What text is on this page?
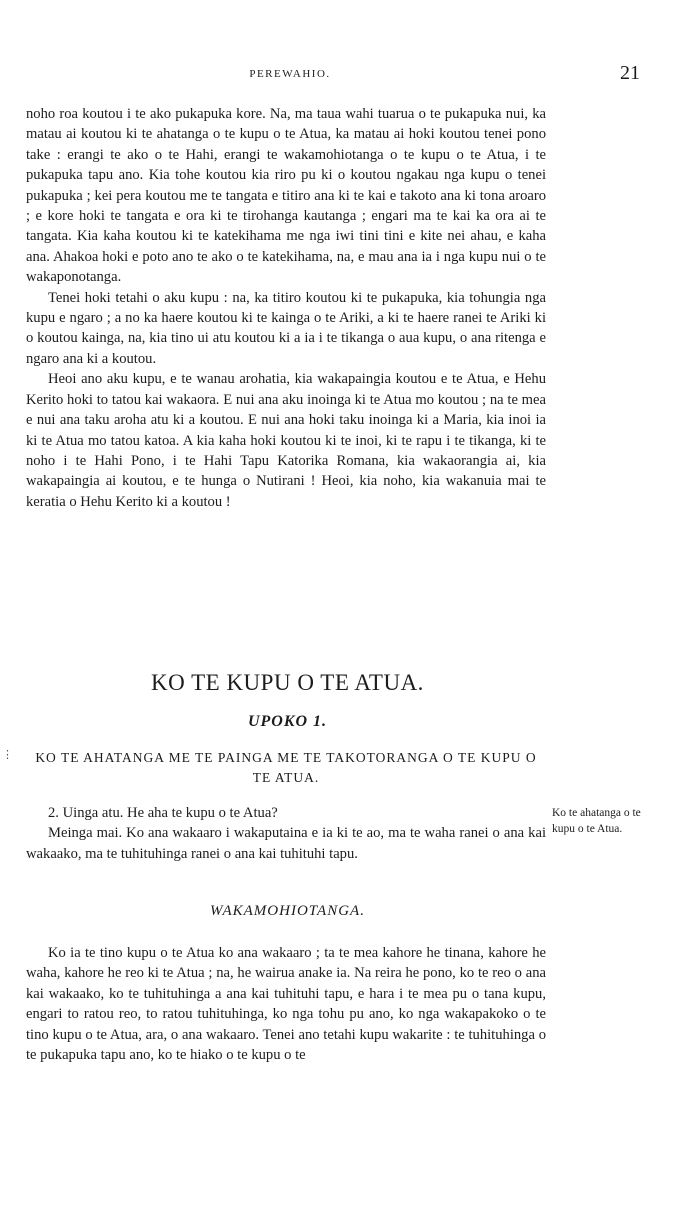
PEREWAHIO.	21
⋮

noho roa koutou i te ako pukapuka kore. Na, ma taua wahi tuarua o te pukapuka nui, ka matau ai koutou ki te ahatanga o te kupu o te Atua, ka matau ai hoki koutou tenei pono take : erangi te ako o te Hahi, erangi te wakamohiotanga o te kupu o te Atua, i te pukapuka tapu ano. Kia tohe koutou kia riro pu ki o koutou ngakau nga kupu o tenei pukapuka ; kei pera koutou me te tangata e titiro ana ki te kai e takoto ana ki tona aroaro ; e kore hoki te tangata e ora ki te tirohanga kautanga ; engari ma te kai ka ora ai te tangata. Kia kaha koutou ki te katekihama me nga iwi tini tini e kite nei ahau, e kaha ana. Ahakoa hoki e poto ano te ako o te katekihama, na, e mau ana ia i nga kupu nui o te wakaponotanga.

Tenei hoki tetahi o aku kupu : na, ka titiro koutou ki te pukapuka, kia tohungia nga kupu e ngaro ; a no ka haere koutou ki te kainga o te Ariki, a ki te haere ranei te Ariki ki o koutou kainga, na, kia tino ui atu koutou ki a ia i te tikanga o aua kupu, o ana ritenga e ngaro ana ki a koutou.

Heoi ano aku kupu, e te wanau arohatia, kia wakapaingia koutou e te Atua, e Hehu Kerito hoki to tatou kai wakaora. E nui ana aku inoinga ki te Atua mo koutou ; na te mea e nui ana taku aroha atu ki a koutou. E nui ana hoki taku inoinga ki a Maria, kia inoi ia ki te Atua mo tatou katoa. A kia kaha hoki koutou ki te inoi, ki te rapu i te tikanga, ki te noho i te Hahi Pono, i te Hahi Tapu Katorika Romana, kia wakaorangia ai, kia wakapaingia ai koutou, e te hunga o Nutirani ! Heoi, kia noho, kia wakanuia mai te keratia o Hehu Kerito ki a koutou !

KO TE KUPU O TE ATUA.
UPOKO 1.
KO TE AHATANGA ME TE PAINGA ME TE TAKOTORANGA O TE KUPU O TE ATUA.

2. Uinga atu. He aha te kupu o te Atua?

Meinga mai. Ko ana wakaaro i wakaputaina e ia ki te ao, ma te waha ranei o ana kai wakaako, ma te tuhituhinga ranei o ana kai tuhituhi tapu.

Ko te ahatanga o te kupu o te Atua.
WAKAMOHIOTANGA.

Ko ia te tino kupu o te Atua ko ana wakaaro ; ta te mea kahore he tinana, kahore he waha, kahore he reo ki te Atua ; na, he wairua anake ia. Na reira he pono, ko te reo o ana kai wakaako, ko te tuhituhinga a ana kai tuhituhi tapu, e hara i te mea pu o tana kupu, engari to ratou reo, to ratou tuhituhinga, ko nga tohu pu ano, ko nga wakapakoko o te tino kupu o te Atua, ara, o ana wakaaro. Tenei ano tetahi kupu wakarite : te tuhituhinga o te pukapuka tapu ano, ko te hiako o te kupu o te
